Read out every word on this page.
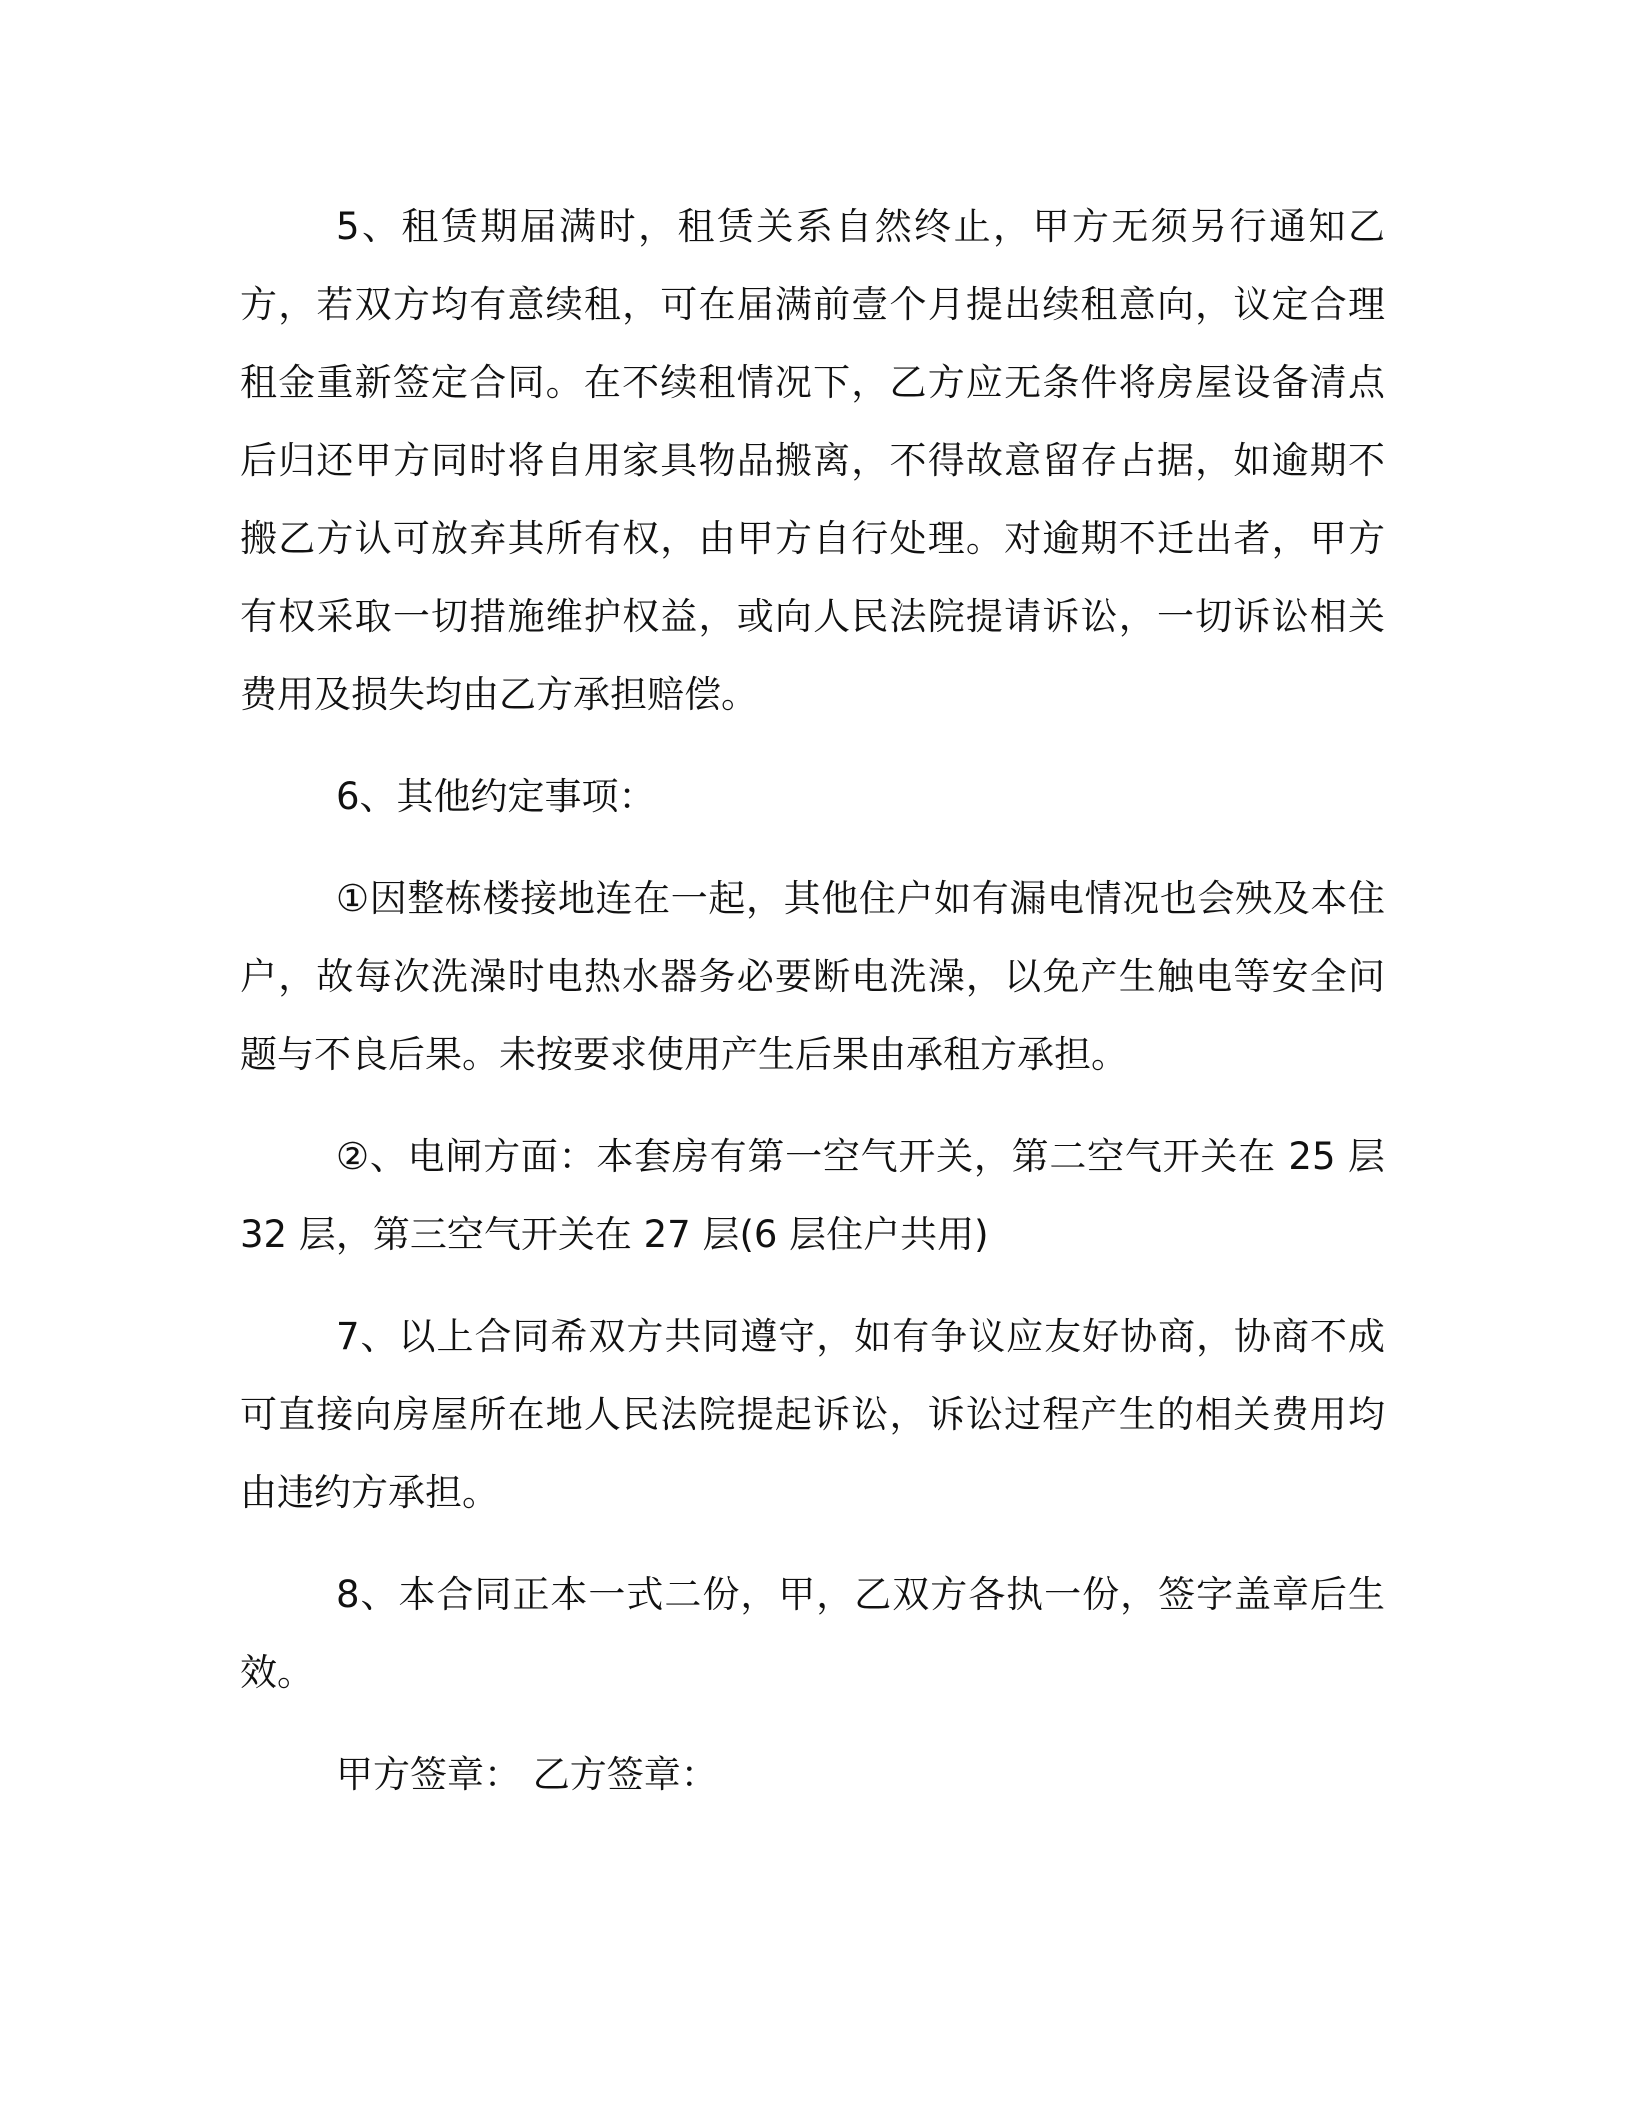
5、租赁期届满时，租赁关系自然终止，甲方无须另行通知乙方，若双方均有意续租，可在届满前壹个月提出续租意向，议定合理租金重新签定合同。在不续租情况下，乙方应无条件将房屋设备清点后归还甲方同时将自用家具物品搬离，不得故意留存占据，如逾期不搬乙方认可放弃其所有权，由甲方自行处理。对逾期不迁出者，甲方有权采取一切措施维护权益，或向人民法院提请诉讼，一切诉讼相关费用及损失均由乙方承担赔偿。

6、其他约定事项：

①因整栋楼接地连在一起，其他住户如有漏电情况也会殃及本住户，故每次洗澡时电热水器务必要断电洗澡，以免产生触电等安全问题与不良后果。未按要求使用产生后果由承租方承担。

②、电闸方面：本套房有第一空气开关，第二空气开关在 25 层 32 层，第三空气开关在 27 层(6 层住户共用)

7、以上合同希双方共同遵守，如有争议应友好协商，协商不成可直接向房屋所在地人民法院提起诉讼，诉讼过程产生的相关费用均由违约方承担。

8、本合同正本一式二份，甲，乙双方各执一份，签字盖章后生效。

甲方签章： 乙方签章：
